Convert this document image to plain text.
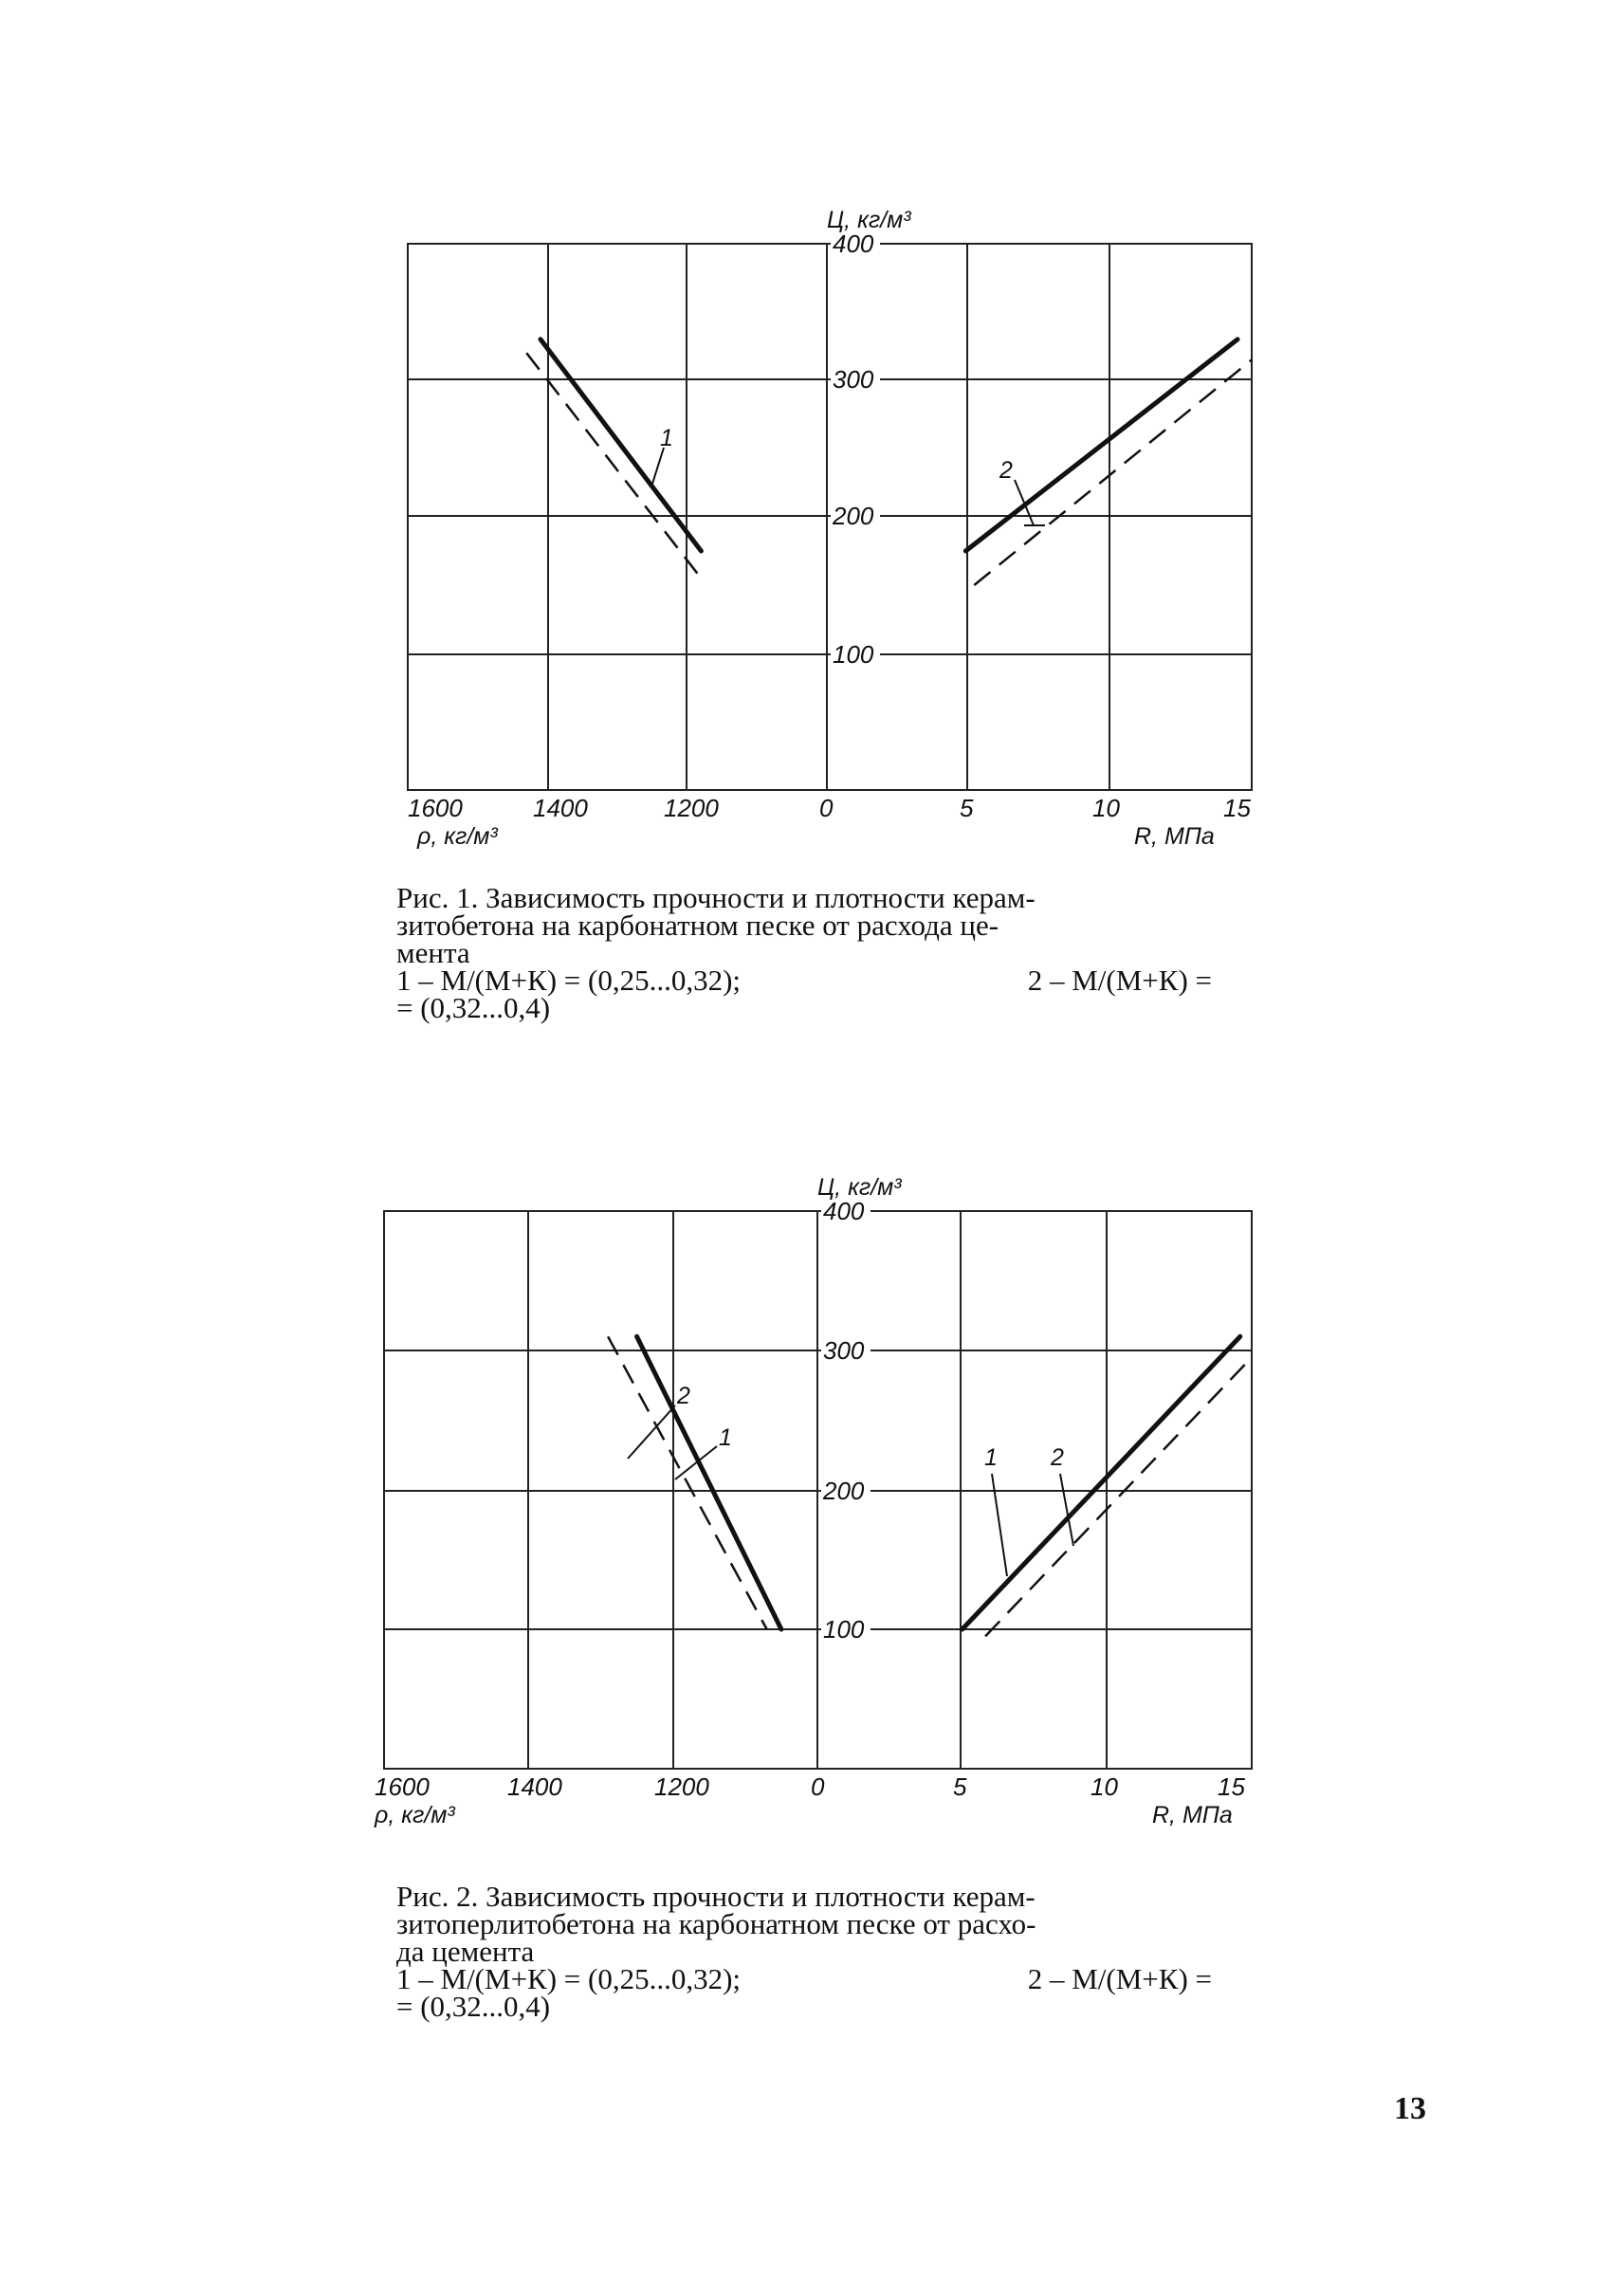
400
300
200
100
Ц, кг/м³
1600	1400	1200	0	5	10	15
ρ, кг/м³	R, МПа
1
2
Рис. 1. Зависимость прочности и плотности керам-
зитобетона на карбонатном песке от расхода це-
мента
1 – М/(М+К) = (0,25...0,32);	2 – М/(М+К) =
= (0,32...0,4)
400
300
200
100
Ц, кг/м³
1600	1400	1200	0	5	10	15
ρ, кг/м³	R, МПа
2
1
1 2
Рис. 2. Зависимость прочности и плотности керам-
зитоперлитобетона на карбонатном песке от расхо-
да цемента
1 – М/(М+К) = (0,25...0,32);	2 – М/(М+К) =
= (0,32...0,4)
13
